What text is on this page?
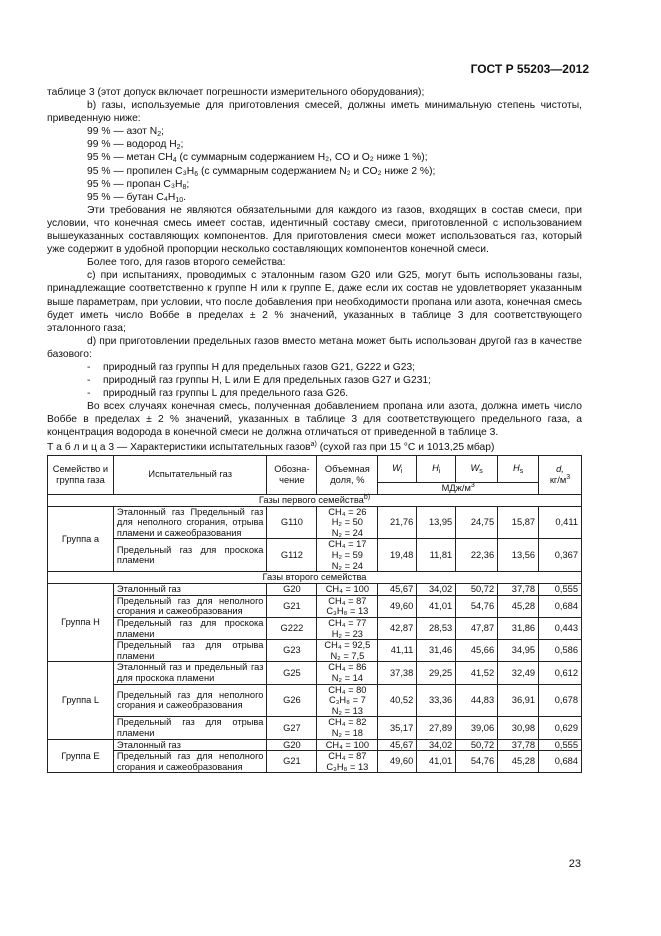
ГОСТ Р 55203—2012

таблице 3 (этот допуск включает погрешности измерительного оборудования);

b) газы, используемые для приготовления смесей, должны иметь минимальную степень чистоты, приведенную ниже:

99 % — азот $N_2$;

99 % — водород $H_2$;

95 % — метан $CH_4$ (с суммарным содержанием H₂, CO и O₂ ниже 1 %);

95 % — пропилен $C_3H_6$ (с суммарным содержанием N₂ и CO₂ ниже 2 %);

95 % — пропан $C_3H_8$;

95 % — бутан $C_4H_{10}$.

Эти требования не являются обязательными для каждого из газов, входящих в состав смеси, при условии, что конечная смесь имеет состав, идентичный составу смеси, приготовленной с использованием вышеуказанных составляющих компонентов. Для приготовления смеси может использоваться газ, который уже содержит в удобной пропорции несколько составляющих компонентов конечной смеси.

Более того, для газов второго семейства:

c) при испытаниях, проводимых с эталонным газом G20 или G25, могут быть использованы газы, принадлежащие соответственно к группе H или к группе E, даже если их состав не удовлетворяет указанным выше параметрам, при условии, что после добавления при необходимости пропана или азота, конечная смесь будет иметь число Воббе в пределах ± 2 % значений, указанных в таблице 3 для соответствующего эталонного газа;

d) при приготовлении предельных газов вместо метана может быть использован другой газ в качестве базового:

- природный газ группы H для предельных газов G21, G222 и G23;

- природный газ группы H, L или E для предельных газов G27 и G231;

- природный газ группы L для предельного газа G26.

Во всех случаях конечная смесь, полученная добавлением пропана или азота, должна иметь число Воббе в пределах ± 2 % значений, указанных в таблице 3 для соответствующего предельного газа, а концентрация водорода в конечной смеси не должна отличаться от приведенной в таблице 3.

Т а б л и ц а 3 — Характеристики испытательных газов$^{a)}$ (сухой газ при 15 °С и 1013,25 мбар)

Семейство и группа газа	Испытательный газ	Обозна-чение	Объемная доля, %	$W_i$	$H_i$	$W_s$	$H_s$	d,
$кг/м^3$
				МДж/$м^3$
Газы первого семейства$^{b)}$
Группа а	Эталонный газ Предельный газ для неполного сгорания, отрыва пламени и сажеобразования	G110	CH₄ = 26
H₂ = 50
N₂ = 24	21,76	13,95	24,75	15,87	0,411
	Предельный газ для проскока пламени	G112	CH₄ = 17
H₂ = 59
N₂ = 24	19,48	11,81	22,36	13,56	0,367
Газы второго семейства								
Группа H	Эталонный газ	G20	CH₄ = 100	45,67	34,02	50,72	37,78	0,555
	Предельный газ для неполного сгорания и сажеобразования	G21	CH₄ = 87
C₃H₈ = 13	49,60	41,01	54,76	45,28	0,684
	Предельный газ для проскока пламени	G222	CH₄ = 77
H₂ = 23	42,87	28,53	47,87	31,86	0,443
	Предельный газ для отрыва пламени	G23	CH₄ = 92,5
N₂ = 7,5	41,11	31,46	45,66	34,95	0,586
Группа L	Эталонный газ и предельный газ для проскока пламени	G25	CH₄ = 86
N₂ = 14	37,38	29,25	41,52	32,49	0,612
	Предельный газ для неполного сгорания и сажеобразования	G26	CH₄ = 80
C₃H₈ = 7
N₂ = 13	40,52	33,36	44,83	36,91	0,678
	Предельный газ для отрыва пламени	G27	CH₄ = 82
N₂ = 18	35,17	27,89	39,06	30,98	0,629
Группа E	Эталонный газ	G20	CH₄ = 100	45,67	34,02	50,72	37,78	0,555
	Предельный газ для неполного сгорания и сажеобразования	G21	CH₄ = 87
C₃H₈ = 13	49,60	41,01	54,76	45,28	0,684
23
